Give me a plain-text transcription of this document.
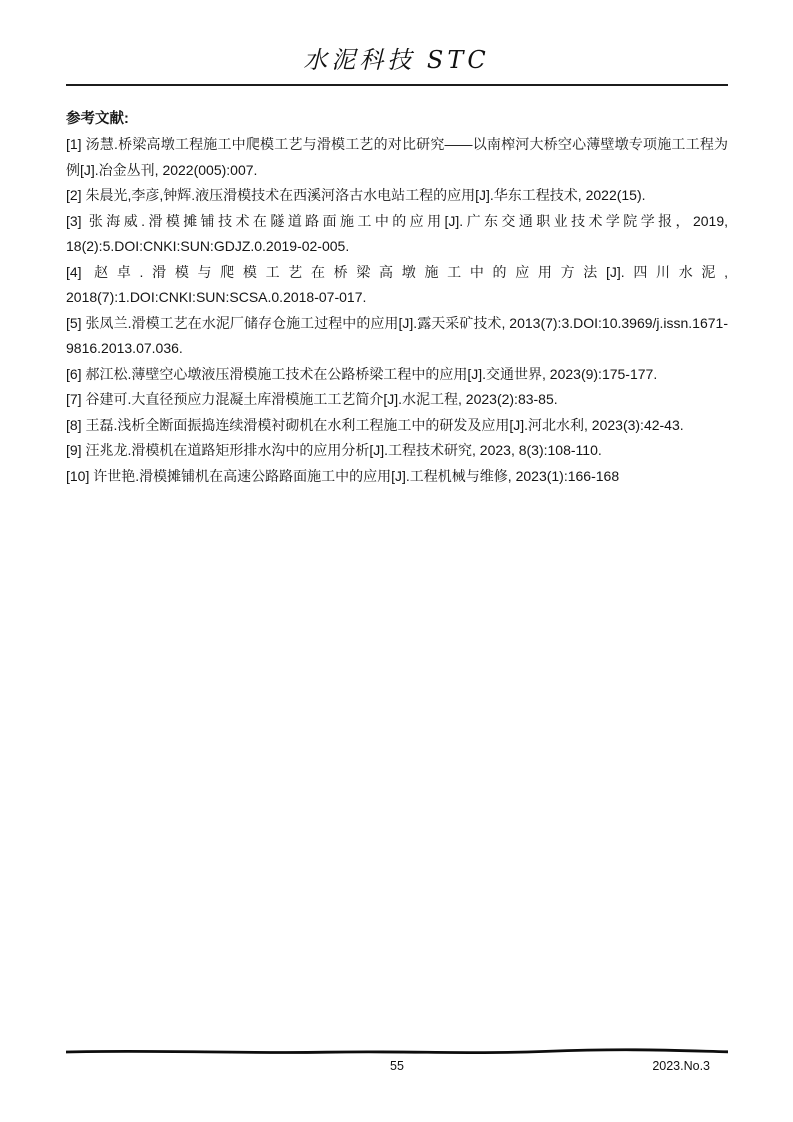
水泥科技 STC
参考文献:
[1] 汤慧.桥梁高墩工程施工中爬模工艺与滑模工艺的对比研究——以南榨河大桥空心薄壁墩专项施工工程为例[J].冶金丛刊, 2022(005):007.
[2] 朱晨光,李彦,钟辉.液压滑模技术在西溪河洛古水电站工程的应用[J].华东工程技术, 2022(15).
[3] 张海威.滑模摊铺技术在隧道路面施工中的应用[J].广东交通职业技术学院学报，2019, 18(2):5.DOI:CNKI:SUN:GDJZ.0.2019-02-005.
[4] 赵卓.滑模与爬模工艺在桥梁高墩施工中的应用方法[J].四川水泥, 2018(7):1.DOI:CNKI:SUN:SCSA.0.2018-07-017.
[5] 张凤兰.滑模工艺在水泥厂储存仓施工过程中的应用[J].露天采矿技术, 2013(7):3.DOI:10.3969/j.issn.1671-9816.2013.07.036.
[6] 郝江松.薄壁空心墩液压滑模施工技术在公路桥梁工程中的应用[J].交通世界, 2023(9):175-177.
[7] 谷建可.大直径预应力混凝土库滑模施工工艺简介[J].水泥工程, 2023(2):83-85.
[8] 王磊.浅析全断面振捣连续滑模衬砌机在水利工程施工中的研发及应用[J].河北水利, 2023(3):42-43.
[9] 汪兆龙.滑模机在道路矩形排水沟中的应用分析[J].工程技术研究, 2023, 8(3):108-110.
[10] 许世艳.滑模摊铺机在高速公路路面施工中的应用[J].工程机械与维修, 2023(1):166-168
55	2023.No.3
